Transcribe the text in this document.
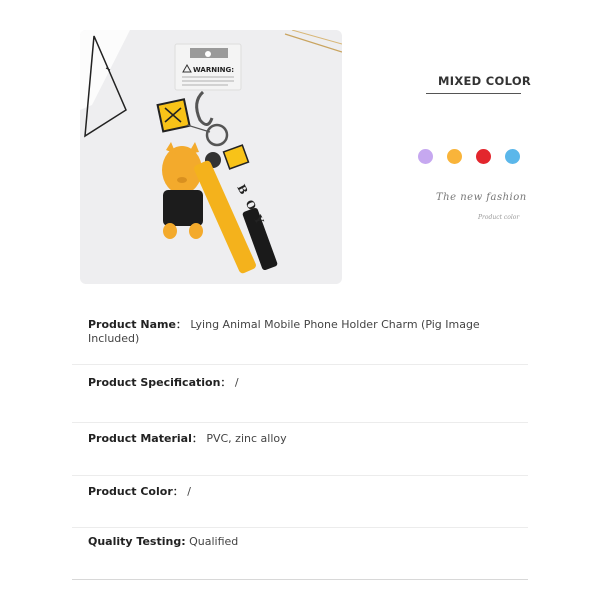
WARNING:
BOY
MIXED COLOR
The new fashion
Product color
Product Name： Lying Animal Mobile Phone Holder Charm (Pig Image Included)
Product Specification： /
Product Material： PVC, zinc alloy
Product Color： /
Quality Testing: Qualified
